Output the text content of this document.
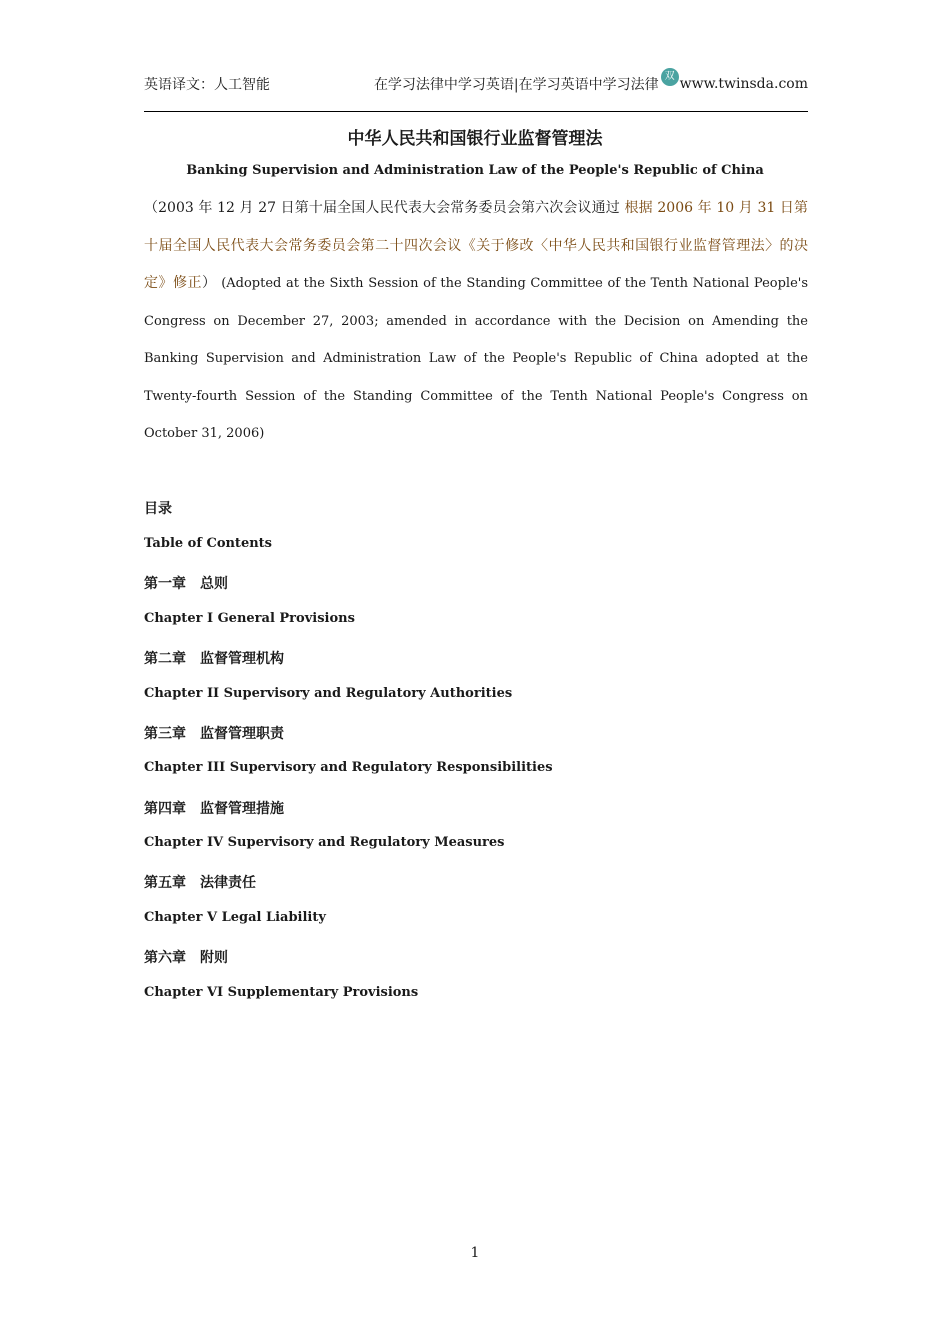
英语译文：人工智能	在学习法律中学习英语|在学习英语中学习法律
双 www.twinsda.com
中华人民共和国银行业监督管理法
Banking Supervision and Administration Law of the People's Republic of China
（2003 年 12 月 27 日第十届全国人民代表大会常务委员会第六次会议通过 根据 2006 年 10 月 31 日第十届全国人民代表大会常务委员会第二十四次会议《关于修改〈中华人民共和国银行业监督管理法〉的决定》修正） (Adopted at the Sixth Session of the Standing Committee of the Tenth National People's Congress on December 27, 2003; amended in accordance with the Decision on Amending the Banking Supervision and Administration Law of the People's Republic of China adopted at the Twenty-fourth Session of the Standing Committee of the Tenth National People's Congress on October 31, 2006)
目录
Table of Contents
第一章　总则
Chapter I General Provisions
第二章　监督管理机构
Chapter II Supervisory and Regulatory Authorities
第三章　监督管理职责
Chapter III Supervisory and Regulatory Responsibilities
第四章　监督管理措施
Chapter IV Supervisory and Regulatory Measures
第五章　法律责任
Chapter V Legal Liability
第六章　附则
Chapter VI Supplementary Provisions
1
